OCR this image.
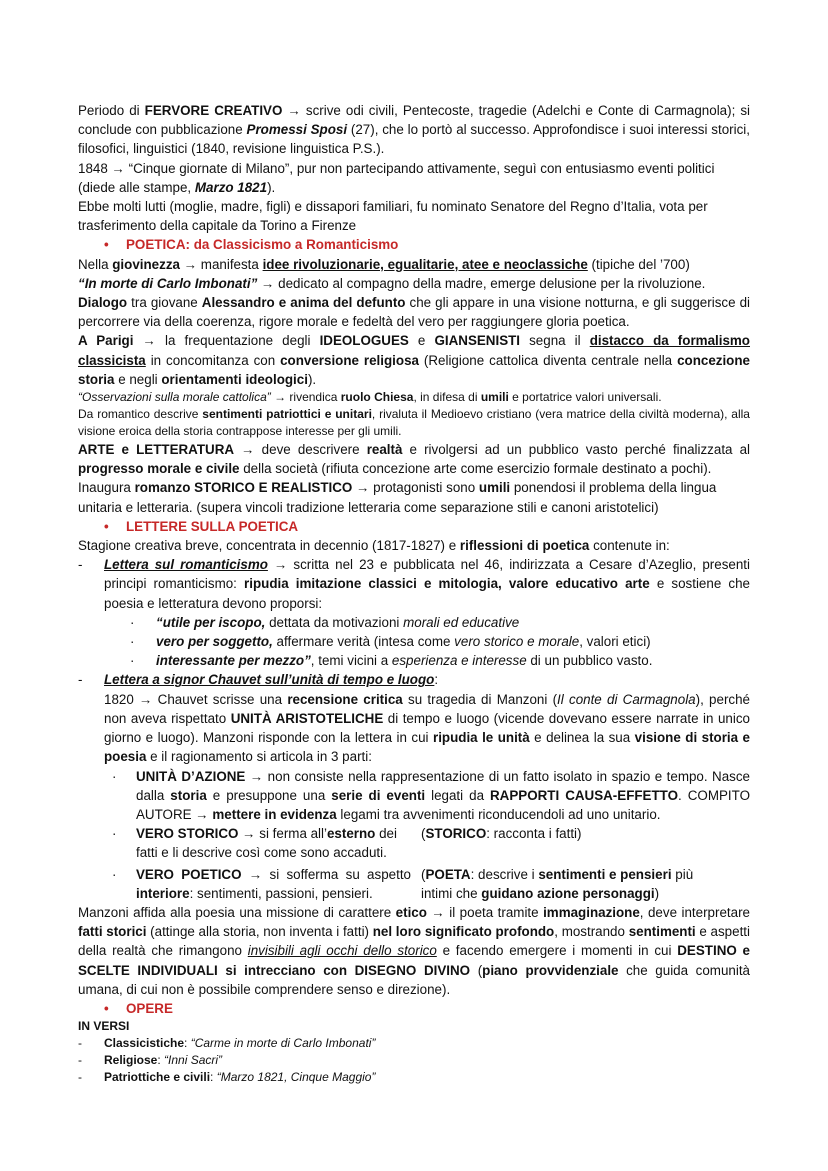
Periodo di FERVORE CREATIVO → scrive odi civili, Pentecoste, tragedie (Adelchi e Conte di Carmagnola); si conclude con pubblicazione Promessi Sposi (27), che lo portò al successo. Approfondisce i suoi interessi storici, filosofici, linguistici (1840, revisione linguistica P.S.).

1848 → “Cinque giornate di Milano”, pur non partecipando attivamente, seguì con entusiasmo eventi politici (diede alle stampe, Marzo 1821).

Ebbe molti lutti (moglie, madre, figli) e dissapori familiari, fu nominato Senatore del Regno d’Italia, vota per trasferimento della capitale da Torino a Firenze

• POETICA: da Classicismo a Romanticismo

Nella giovinezza → manifesta idee rivoluzionarie, egualitarie, atee e neoclassiche (tipiche del ’700)

“In morte di Carlo Imbonati” → dedicato al compagno della madre, emerge delusione per la rivoluzione.

Dialogo tra giovane Alessandro e anima del defunto che gli appare in una visione notturna, e gli suggerisce di percorrere via della coerenza, rigore morale e fedeltà del vero per raggiungere gloria poetica.

A Parigi → la frequentazione degli IDEOLOGUES e GIANSENISTI segna il distacco da formalismo classicista in concomitanza con conversione religiosa (Religione cattolica diventa centrale nella concezione storia e negli orientamenti ideologici).

“Osservazioni sulla morale cattolica” → rivendica ruolo Chiesa, in difesa di umili e portatrice valori universali.

Da romantico descrive sentimenti patriottici e unitari, rivaluta il Medioevo cristiano (vera matrice della civiltà moderna), alla visione eroica della storia contrappose interesse per gli umili.

ARTE e LETTERATURA → deve descrivere realtà e rivolgersi ad un pubblico vasto perché finalizzata al progresso morale e civile della società (rifiuta concezione arte come esercizio formale destinato a pochi).

Inaugura romanzo STORICO E REALISTICO → protagonisti sono umili ponendosi il problema della lingua unitaria e letteraria. (supera vincoli tradizione letteraria come separazione stili e canoni aristotelici)

• LETTERE SULLA POETICA

Stagione creativa breve, concentrata in decennio (1817-1827) e riflessioni di poetica contenute in:

- Lettera sul romanticismo → scritta nel 23 e pubblicata nel 46, indirizzata a Cesare d’Azeglio, presenti principi romanticismo: ripudia imitazione classici e mitologia, valore educativo arte e sostiene che poesia e letteratura devono proporsi:

· “utile per iscopo, dettata da motivazioni morali ed educative

· vero per soggetto, affermare verità (intesa come vero storico e morale, valori etici)

· interessante per mezzo”, temi vicini a esperienza e interesse di un pubblico vasto.

- Lettera a signor Chauvet sull’unità di tempo e luogo:

1820 → Chauvet scrisse una recensione critica su tragedia di Manzoni (Il conte di Carmagnola), perché non aveva rispettato UNITÀ ARISTOTELICHE di tempo e luogo (vicende dovevano essere narrate in unico giorno e luogo). Manzoni risponde con la lettera in cui ripudia le unità e delinea la sua visione di storia e poesia e il ragionamento si articola in 3 parti:

· UNITÀ D’AZIONE → non consiste nella rappresentazione di un fatto isolato in spazio e tempo. Nasce dalla storia e presuppone una serie di eventi legati da RAPPORTI CAUSA-EFFETTO. COMPITO AUTORE → mettere in evidenza legami tra avvenimenti riconducendoli ad uno unitario.

· VERO STORICO → si ferma all’esterno dei fatti e li descrive così come sono accaduti.

(STORICO: racconta i fatti)

· VERO POETICO → si sofferma su aspetto interiore: sentimenti, passioni, pensieri.

(POETA: descrive i sentimenti e pensieri più intimi che guidano azione personaggi)

Manzoni affida alla poesia una missione di carattere etico → il poeta tramite immaginazione, deve interpretare fatti storici (attinge alla storia, non inventa i fatti) nel loro significato profondo, mostrando sentimenti e aspetti della realtà che rimangono invisibili agli occhi dello storico e facendo emergere i momenti in cui DESTINO e SCELTE INDIVIDUALI si intrecciano con DISEGNO DIVINO (piano provvidenziale che guida comunità umana, di cui non è possibile comprendere senso e direzione).

• OPERE

IN VERSI

- Classicistiche: “Carme in morte di Carlo Imbonati”

- Religiose: “Inni Sacri”

- Patriottiche e civili: “Marzo 1821, Cinque Maggio”
